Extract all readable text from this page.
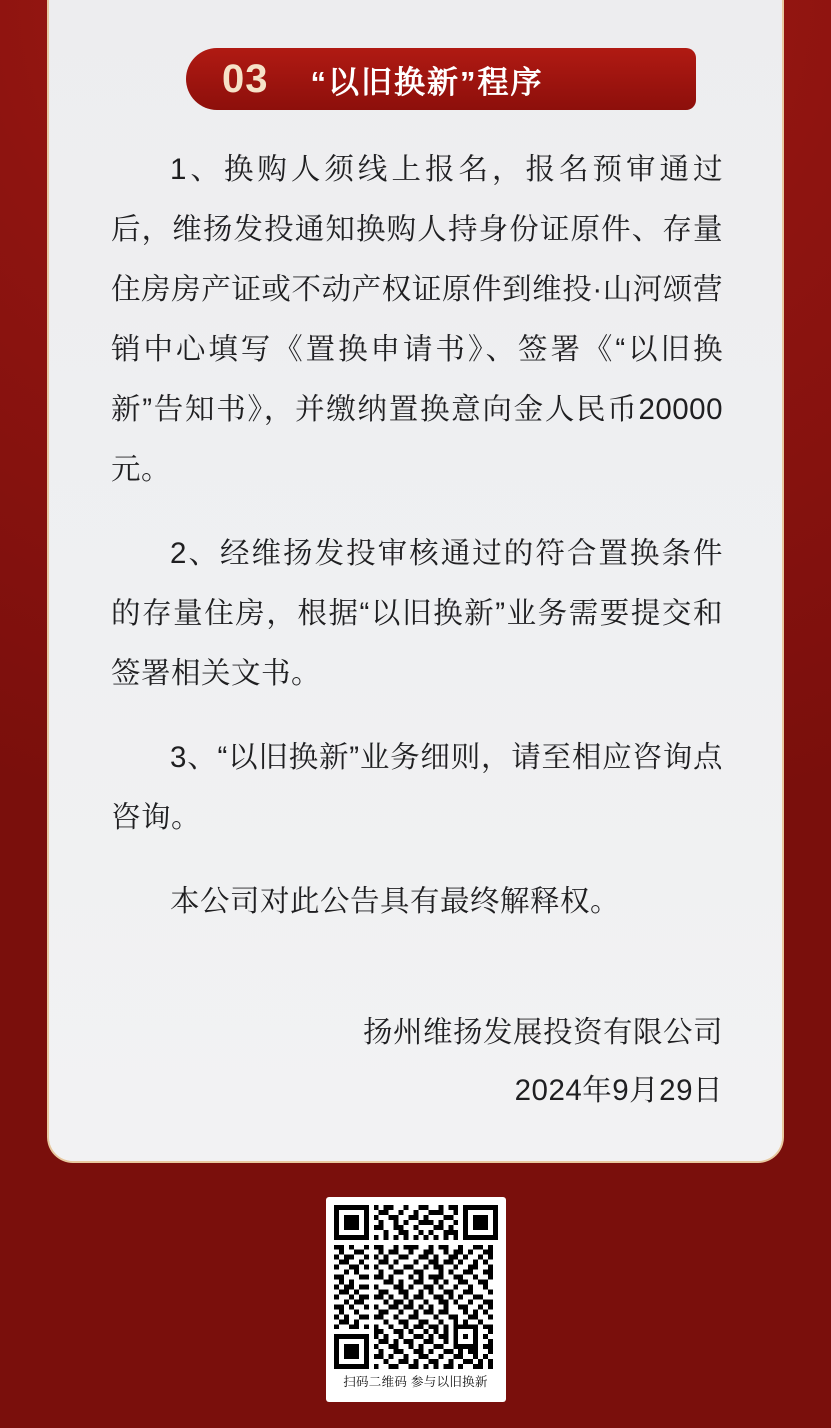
03 “以旧换新”程序

1、换购人须线上报名，报名预审通过后，维扬发投通知换购人持身份证原件、存量住房房产证或不动产权证原件到维投·山河颂营销中心填写《置换申请书》、签署《“以旧换新”告知书》，并缴纳置换意向金人民币20000元。

2、经维扬发投审核通过的符合置换条件的存量住房，根据“以旧换新”业务需要提交和签署相关文书。

3、“以旧换新”业务细则，请至相应咨询点咨询。

本公司对此公告具有最终解释权。

扬州维扬发展投资有限公司
2024年9月29日
扫码二维码 参与以旧换新
